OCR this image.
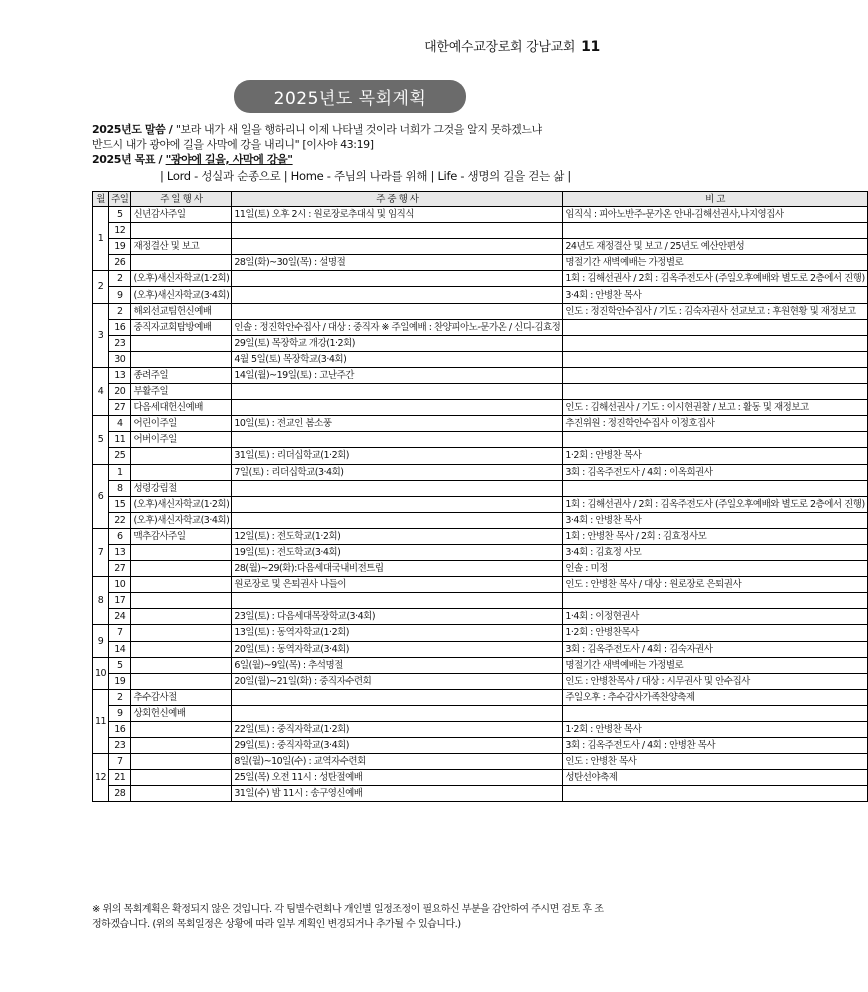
대한예수교장로회 강남교회 11
2025년도 목회계획
2025년도 말씀 / "보라 내가 새 일을 행하리니 이제 나타낼 것이라 너희가 그것을 알지 못하겠느냐
반드시 내가 광야에 길을 사막에 강을 내리니" [이사야 43:19]
2025년 목표 / "광야에 길을, 사막에 강을"
| Lord - 성실과 순종으로 | Home - 주님의 나라를 위해 | Life - 생명의 길을 걷는 삶 |
월	주일	주 일 행 사	주 중 행 사	비 고
1	5	신년감사주일	11일(토) 오후 2시 : 원로장로추대식 및 임직식	임직식 : 피아노반주-문가온 안내-김해선권사,나지영집사
	12			
	19	재정결산 및 보고		24년도 재정결산 및 보고 / 25년도 예산안편성
	26		28일(화)~30일(목) : 설명절	명절기간 새벽예배는 가정별로
2	2	(오후)새신자학교(1·2회)		1회 : 김해선권사 / 2회 : 김옥주전도사 (주일오후예배와 별도로 2층에서 진행)
	9	(오후)새신자학교(3·4회)		3·4회 : 안병찬 목사
3	2	해외선교팀헌신예배		인도 : 정진학안수집사 / 기도 : 김숙자권사 선교보고 : 후원현황 및 재정보고
	16	중직자교회탐방예배	인솔 : 정진학안수집사 / 대상 : 중직자 ※ 주일예배 : 찬양피아노-문가온 / 신디-김효정	
	23		29일(토) 목장학교 개강(1·2회)	
	30		4월 5일(토) 목장학교(3·4회)	
4	13	종려주일	14일(월)~19일(토) : 고난주간	
	20	부활주일		
	27	다음세대헌신예배		인도 : 김해선권사 / 기도 : 이시현권찰 / 보고 : 활동 및 재정보고
5	4	어린이주일	10일(토) : 전교인 봄소풍	추진위원 : 정진학안수집사 이정호집사
	11	어버이주일		
	25		31일(토) : 리더십학교(1·2회)	1·2회 : 안병찬 목사
6	1		7일(토) : 리더십학교(3·4회)	3회 : 김옥주전도사 / 4회 : 이옥희권사
	8	성령강림절		
	15	(오후)새신자학교(1·2회)		1회 : 김해선권사 / 2회 : 김옥주전도사 (주일오후예배와 별도로 2층에서 진행)
	22	(오후)새신자학교(3·4회)		3·4회 : 안병찬 목사
7	6	맥추감사주일	12일(토) : 전도학교(1·2회)	1회 : 안병찬 목사 / 2회 : 김효정사모
	13		19일(토) : 전도학교(3·4회)	3·4회 : 김효정 사모
	27		28(월)~29(화):다음세대국내비전트립	인솔 : 미정
8	10		원로장로 및 은퇴권사 나들이	인도 : 안병찬 목사 / 대상 : 원로장로 은퇴권사
	17			
	24		23일(토) : 다음세대목장학교(3·4회)	1·4회 : 이정현권사
9	7		13일(토) : 동역자학교(1·2회)	1·2회 : 안병찬목사
	14		20일(토) : 동역자학교(3·4회)	3회 : 김옥주전도사 / 4회 : 김숙자권사
10	5		6일(월)~9일(목) : 추석명절	명절기간 새벽예배는 가정별로
	19		20일(월)~21일(화) : 중직자수련회	인도 : 안병찬목사 / 대상 : 시무권사 및 안수집사
11	2	추수감사절		주일오후 : 추수감사가족찬양축제
	9	상회헌신예배		
	16		22일(토) : 중직자학교(1·2회)	1·2회 : 안병찬 목사
	23		29일(토) : 중직자학교(3·4회)	3회 : 김옥주전도사 / 4회 : 안병찬 목사
12	7		8일(월)~10일(수) : 교역자수련회	인도 : 안병찬 목사
	21		25일(목) 오전 11시 : 성탄절예배	성탄선야축제
	28		31일(수) 밤 11시 : 송구영신예배	
※ 위의 목회계획은 확정되지 않은 것입니다. 각 팀별수련회나 개인별 일정조정이 필요하신 부분을 감안하여 주시면 검토 후 조정하겠습니다. (위의 목회일정은 상황에 따라 일부 계획인 변경되거나 추가될 수 있습니다.)
